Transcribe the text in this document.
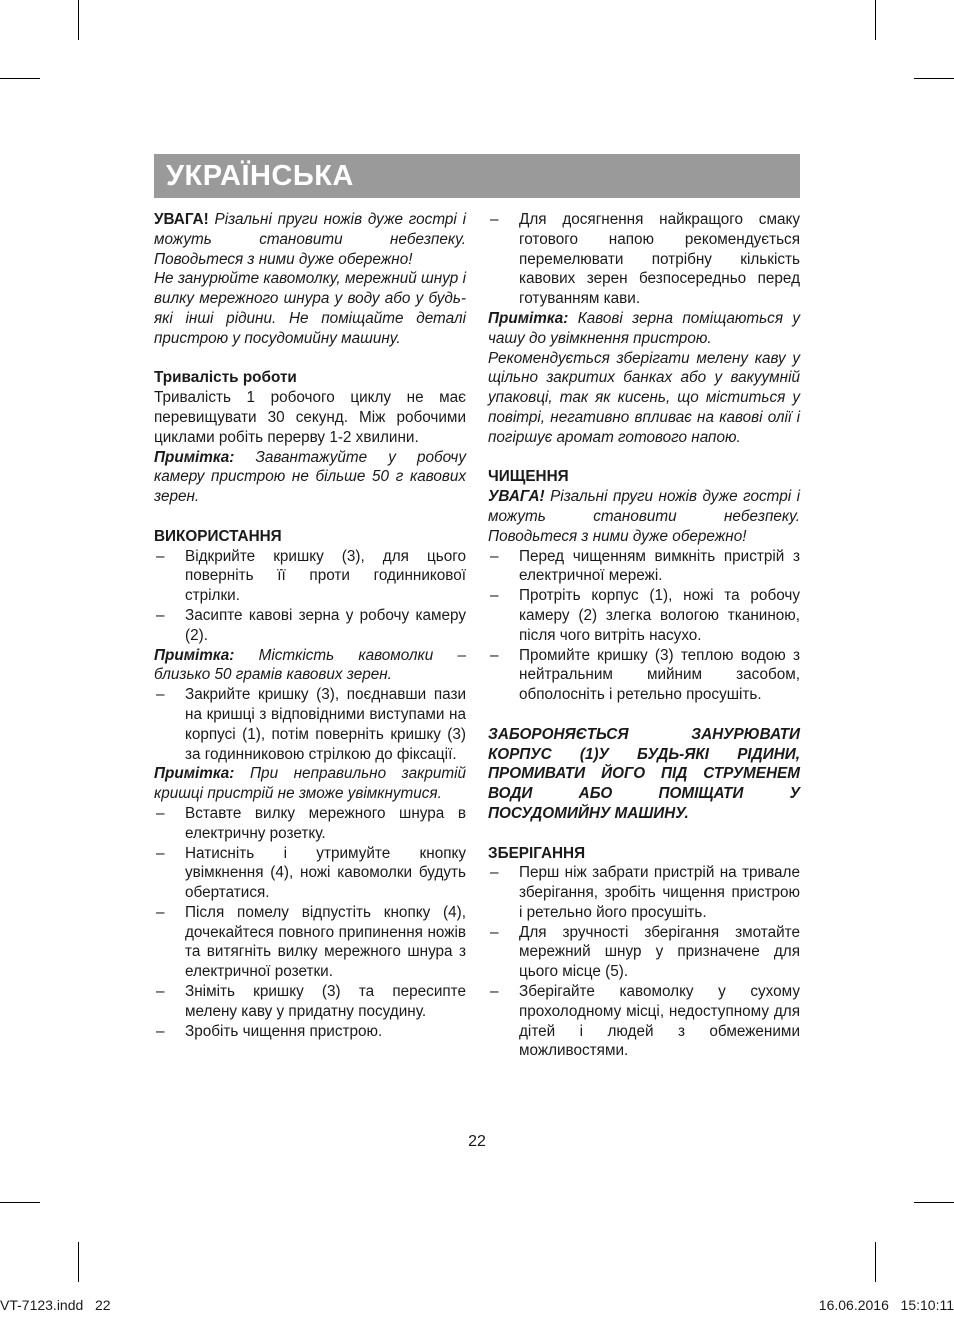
УКРАЇНСЬКА

УВАГА! Різальні пруги ножів дуже гострі і можуть становити небезпеку. Поводьтеся з ними дуже обережно!

Не занурюйте кавомолку, мережний шнур і вилку мережного шнура у воду або у будь-які інші рідини. Не поміщайте деталі пристрою у посудомийну машину.

Тривалість роботи

Тривалість 1 робочого циклу не має перевищувати 30 секунд. Між робочими циклами робіть перерву 1-2 хвилини.

Примітка: Завантажуйте у робочу камеру пристрою не більше 50 г кавових зерен.

ВИКОРИСТАННЯ

– Відкрийте кришку (3), для цього поверніть її проти годинникової стрілки.
– Засипте кавові зерна у робочу камеру (2).

Примітка: Місткість кавомолки – близько 50 грамів кавових зерен.

– Закрийте кришку (3), поєднавши пази на кришці з відповідними виступами на корпусі (1), потім поверніть кришку (3) за годинниковою стрілкою до фіксації.

Примітка: При неправильно закритій кришці пристрій не зможе увімкнутися.

– Вставте вилку мережного шнура в електричну розетку.
– Натисніть і утримуйте кнопку увімкнення (4), ножі кавомолки будуть обертатися.
– Після помелу відпустіть кнопку (4), дочекайтеся повного припинення ножів та витягніть вилку мережного шнура з електричної розетки.
– Зніміть кришку (3) та пересипте мелену каву у придатну посудину.
– Зробіть чищення пристрою.
– Для досягнення найкращого смаку готового напою рекомендується перемелювати потрібну кількість кавових зерен безпосередньо перед готуванням кави.

Примітка: Кавові зерна поміщаються у чашу до увімкнення пристрою.

Рекомендується зберігати мелену каву у щільно закритих банках або у вакуумній упаковці, так як кисень, що міститься у повітрі, негативно впливає на кавові олії і погіршує аромат готового напою.

ЧИЩЕННЯ

УВАГА! Різальні пруги ножів дуже гострі і можуть становити небезпеку. Поводьтеся з ними дуже обережно!

– Перед чищенням вимкніть пристрій з електричної мережі.
– Протріть корпус (1), ножі та робочу камеру (2) злегка вологою тканиною, після чого витріть насухо.
– Промийте кришку (3) теплою водою з нейтральним мийним засобом, обполосніть і ретельно просушіть.

ЗАБОРОНЯЄТЬСЯ ЗАНУРЮВАТИ КОРПУС (1)У БУДЬ-ЯКІ РІДИНИ, ПРОМИВАТИ ЙОГО ПІД СТРУМЕНЕМ ВОДИ АБО ПОМІЩАТИ У ПОСУДОМИЙНУ МАШИНУ.

ЗБЕРІГАННЯ

– Перш ніж забрати пристрій на тривале зберігання, зробіть чищення пристрою і ретельно його просушіть.
– Для зручності зберігання змотайте мережний шнур у призначене для цього місце (5).
– Зберігайте кавомолку у сухому прохолодному місці, недоступному для дітей і людей з обмеженими можливостями.
22
VT-7123.indd   22	16.06.2016   15:10:11
